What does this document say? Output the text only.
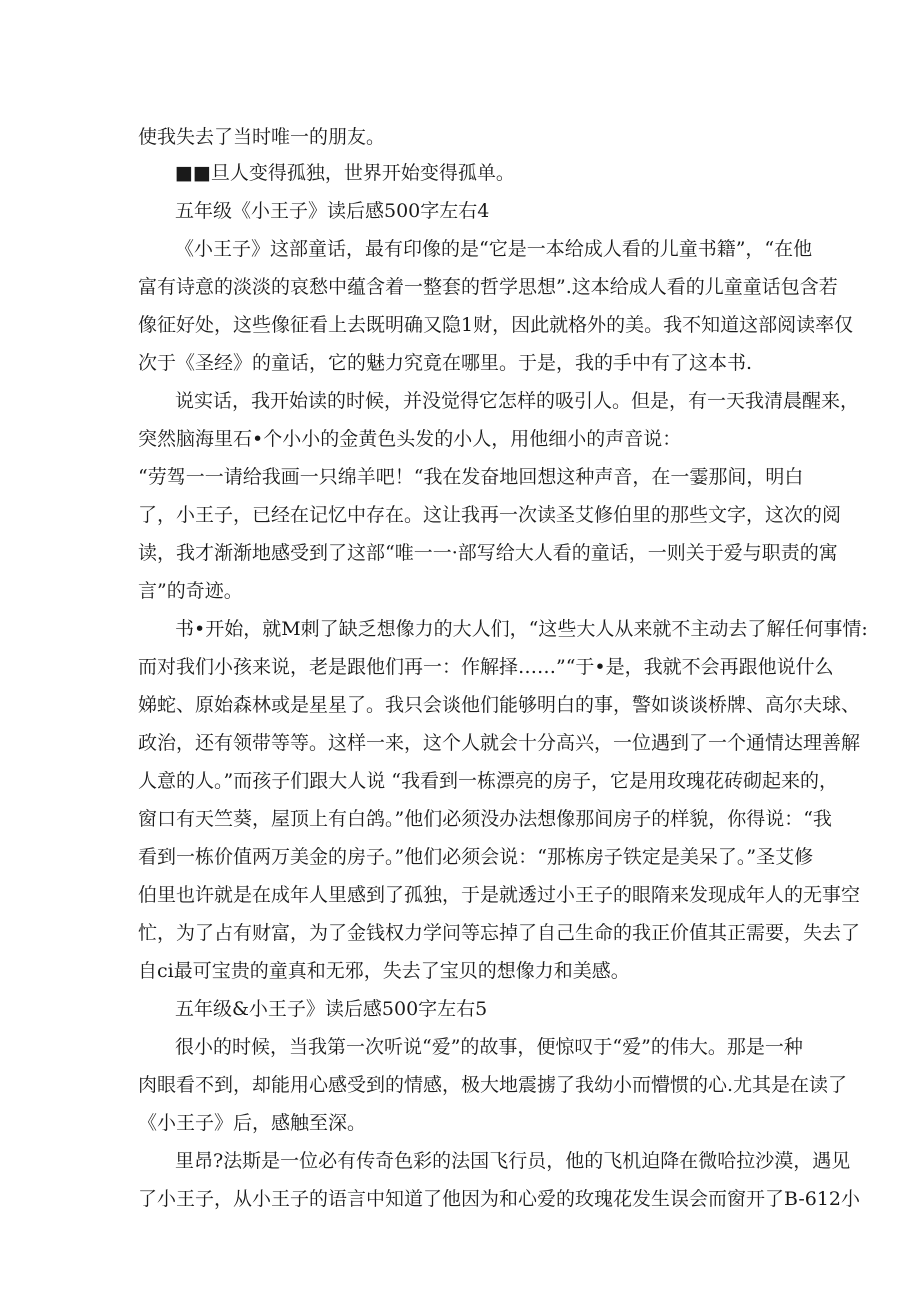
使我失去了当时唯一的朋友。
■■旦人变得孤独，世界开始变得孤单。
五年级《小王子》读后感500字左右4
《小王子》这部童话，最有印像的是“它是一本给成人看的儿童书籍”，“在他
富有诗意的淡淡的哀愁中蕴含着一整套的哲学思想”.这本给成人看的儿童童话包含若
像征好处，这些像征看上去既明确又隐1财，因此就格外的美。我不知道这部阅读率仅
次于《圣经》的童话，它的魅力究竟在哪里。于是，我的手中有了这本书.
说实话，我开始读的时候，并没觉得它怎样的吸引人。但是，有一天我清晨醒来，
突然脑海里石•个小小的金黄色头发的小人，用他细小的声音说：
“劳驾一一请给我画一只绵羊吧！“我在发奋地回想这种声音，在一霎那间，明白
了，小王子，已经在记忆中存在。这让我再一次读圣艾修伯里的那些文字，这次的阅
读，我才渐渐地感受到了这部“唯一一·部写给大人看的童话，一则关于爱与职责的寓
言”的奇迹。
书•开始，就M刺了缺乏想像力的大人们，“这些大人从来就不主动去了解任何事情:
而对我们小孩来说，老是跟他们再一：作解择……”“于•是，我就不会再跟他说什么
娣蛇、原始森林或是星星了。我只会谈他们能够明白的事，警如谈谈桥牌、高尔夫球、
政治，还有领带等等。这样一来，这个人就会十分高兴，一位遇到了一个通情达理善解
人意的人。”而孩子们跟大人说 “我看到一栋漂亮的房子，它是用玫瑰花砖砌起来的，
窗口有天竺葵，屋顶上有白鸽。”他们必须没办法想像那间房子的样貌，你得说：“我
看到一栋价值两万美金的房子。”他们必须会说：“那栋房子铁定是美呆了。”圣艾修
伯里也许就是在成年人里感到了孤独，于是就透过小王子的眼隋来发现成年人的无事空
忙，为了占有财富，为了金钱权力学问等忘掉了自己生命的我正价值其正需要，失去了
自ci最可宝贵的童真和无邪，失去了宝贝的想像力和美感。
五年级&小王子》读后感500字左右5
很小的时候，当我第一次听说“爱”的故事，便惊叹于“爱”的伟大。那是一种
肉眼看不到，却能用心感受到的情感，极大地震掳了我幼小而懵惯的心.尤其是在读了
《小王子》后，感触至深。
里昂?法斯是一位必有传奇色彩的法国飞行员，他的飞机迫降在微哈拉沙漠，遇见
了小王子，从小王子的语言中知道了他因为和心爱的玫瑰花发生误会而窗开了B-612小
